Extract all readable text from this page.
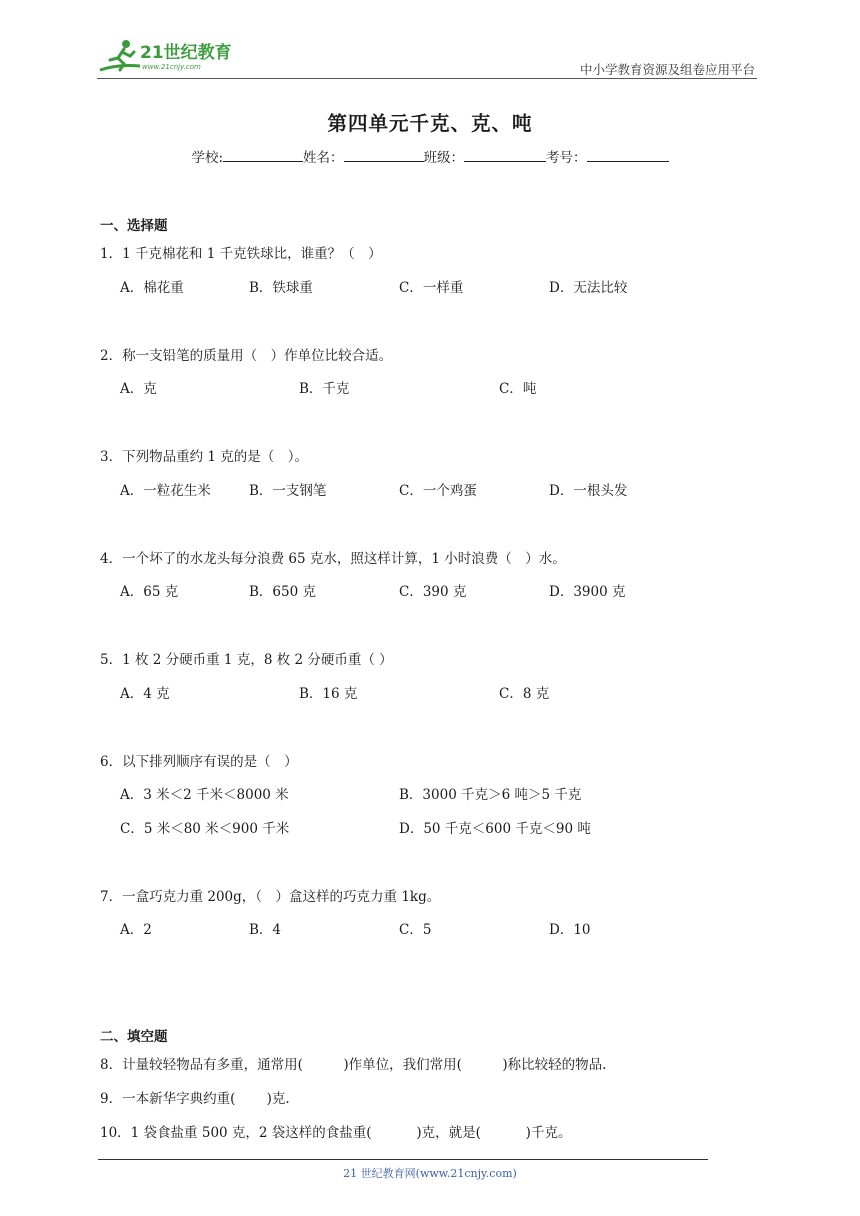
21世纪教育
www.21cnjy.com	中小学教育资源及组卷应用平台
第四单元千克、克、吨
学校:	姓名：	班级：	考号：
一、选择题
1．1 千克棉花和 1 千克铁球比，谁重？（　）
A．棉花重	B．铁球重	C．一样重	D．无法比较
2．称一支铅笔的质量用（　）作单位比较合适。
A．克	B．千克	C．吨
3．下列物品重约 1 克的是（　）。
A．一粒花生米	B．一支钢笔	C．一个鸡蛋	D．一根头发
4．一个坏了的水龙头每分浪费 65 克水，照这样计算，1 小时浪费（　）水。
A．65 克	B．650 克	C．390 克	D．3900 克
5．1 枚 2 分硬币重 1 克，8 枚 2 分硬币重（ ）
A．4 克	B．16 克	C．8 克
6．以下排列顺序有误的是（　）
A．3 米＜2 千米＜8000 米	B．3000 千克＞6 吨＞5 千克
C．5 米＜80 米＜900 千米	D．50 千克＜600 千克＜90 吨
7．一盒巧克力重 200g，（　）盒这样的巧克力重 1kg。
A．2	B．4	C．5	D．10
二、填空题
8．计量较轻物品有多重，通常用(　　　)作单位，我们常用(　　　)称比较轻的物品.
9．一本新华字典约重(　　 )克.
10．1 袋食盐重 500 克，2 袋这样的食盐重(　　　 )克，就是(　　　 )千克。
21 世纪教育网(www.21cnjy.com)
